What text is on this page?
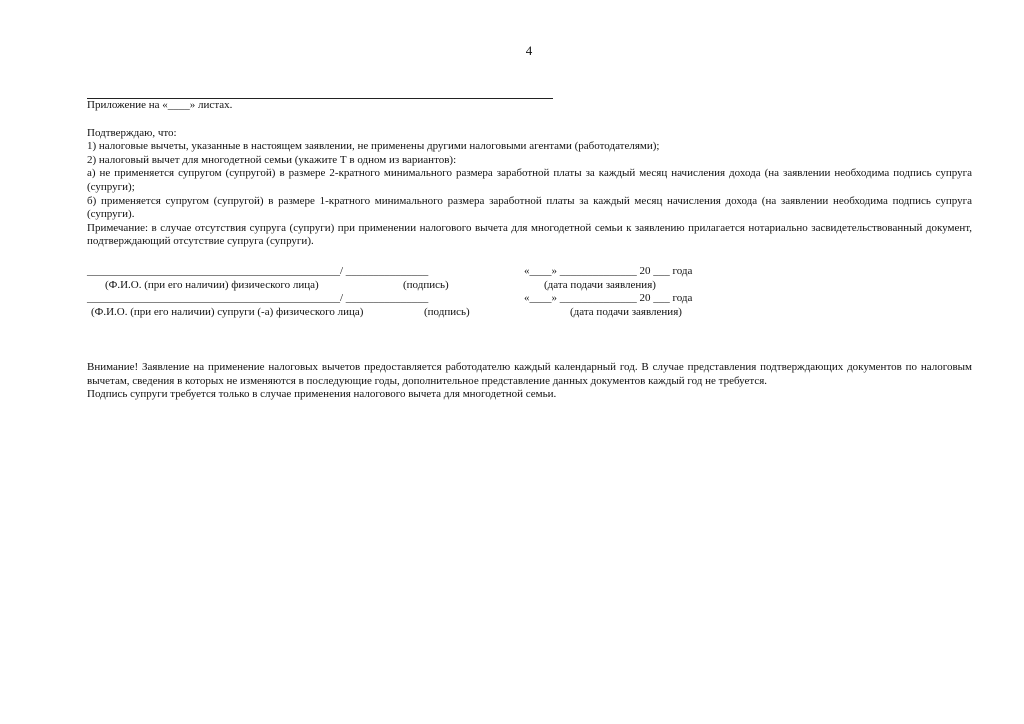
4
Приложение на «____» листах.
Подтверждаю, что:
1) налоговые вычеты, указанные в настоящем заявлении, не применены другими налоговыми агентами (работодателями);
2) налоговый вычет для многодетной семьи (укажите Т в одном из вариантов):
а) не применяется супругом (супругой) в размере 2-кратного минимального размера заработной платы за каждый месяц начисления дохода (на заявлении необходима подпись супруга (супруги);
б) применяется супругом (супругой) в размере 1-кратного минимального размера заработной платы за каждый месяц начисления дохода (на заявлении необходима подпись супруга (супруги).
Примечание: в случае отсутствия супруга (супруги) при применении налогового вычета для многодетной семьи к заявлению прилагается нотариально засвидетельствованный документ, подтверждающий отсутствие супруга (супруги).
______________________________________________/ _______________	«____» ______________ 20 ___ года
(Ф.И.О. (при его наличии) физического лица)	(подпись)	(дата подачи заявления)
______________________________________________/ _______________	«____» ______________ 20 ___ года
(Ф.И.О. (при его наличии) супруги (-а) физического лица)	(подпись)	(дата подачи заявления)
Внимание! Заявление на применение налоговых вычетов предоставляется работодателю каждый календарный год. В случае представления подтверждающих документов по налоговым вычетам, сведения в которых не изменяются в последующие годы, дополнительное представление данных документов каждый год не требуется.
Подпись супруги требуется только в случае применения налогового вычета для многодетной семьи.
